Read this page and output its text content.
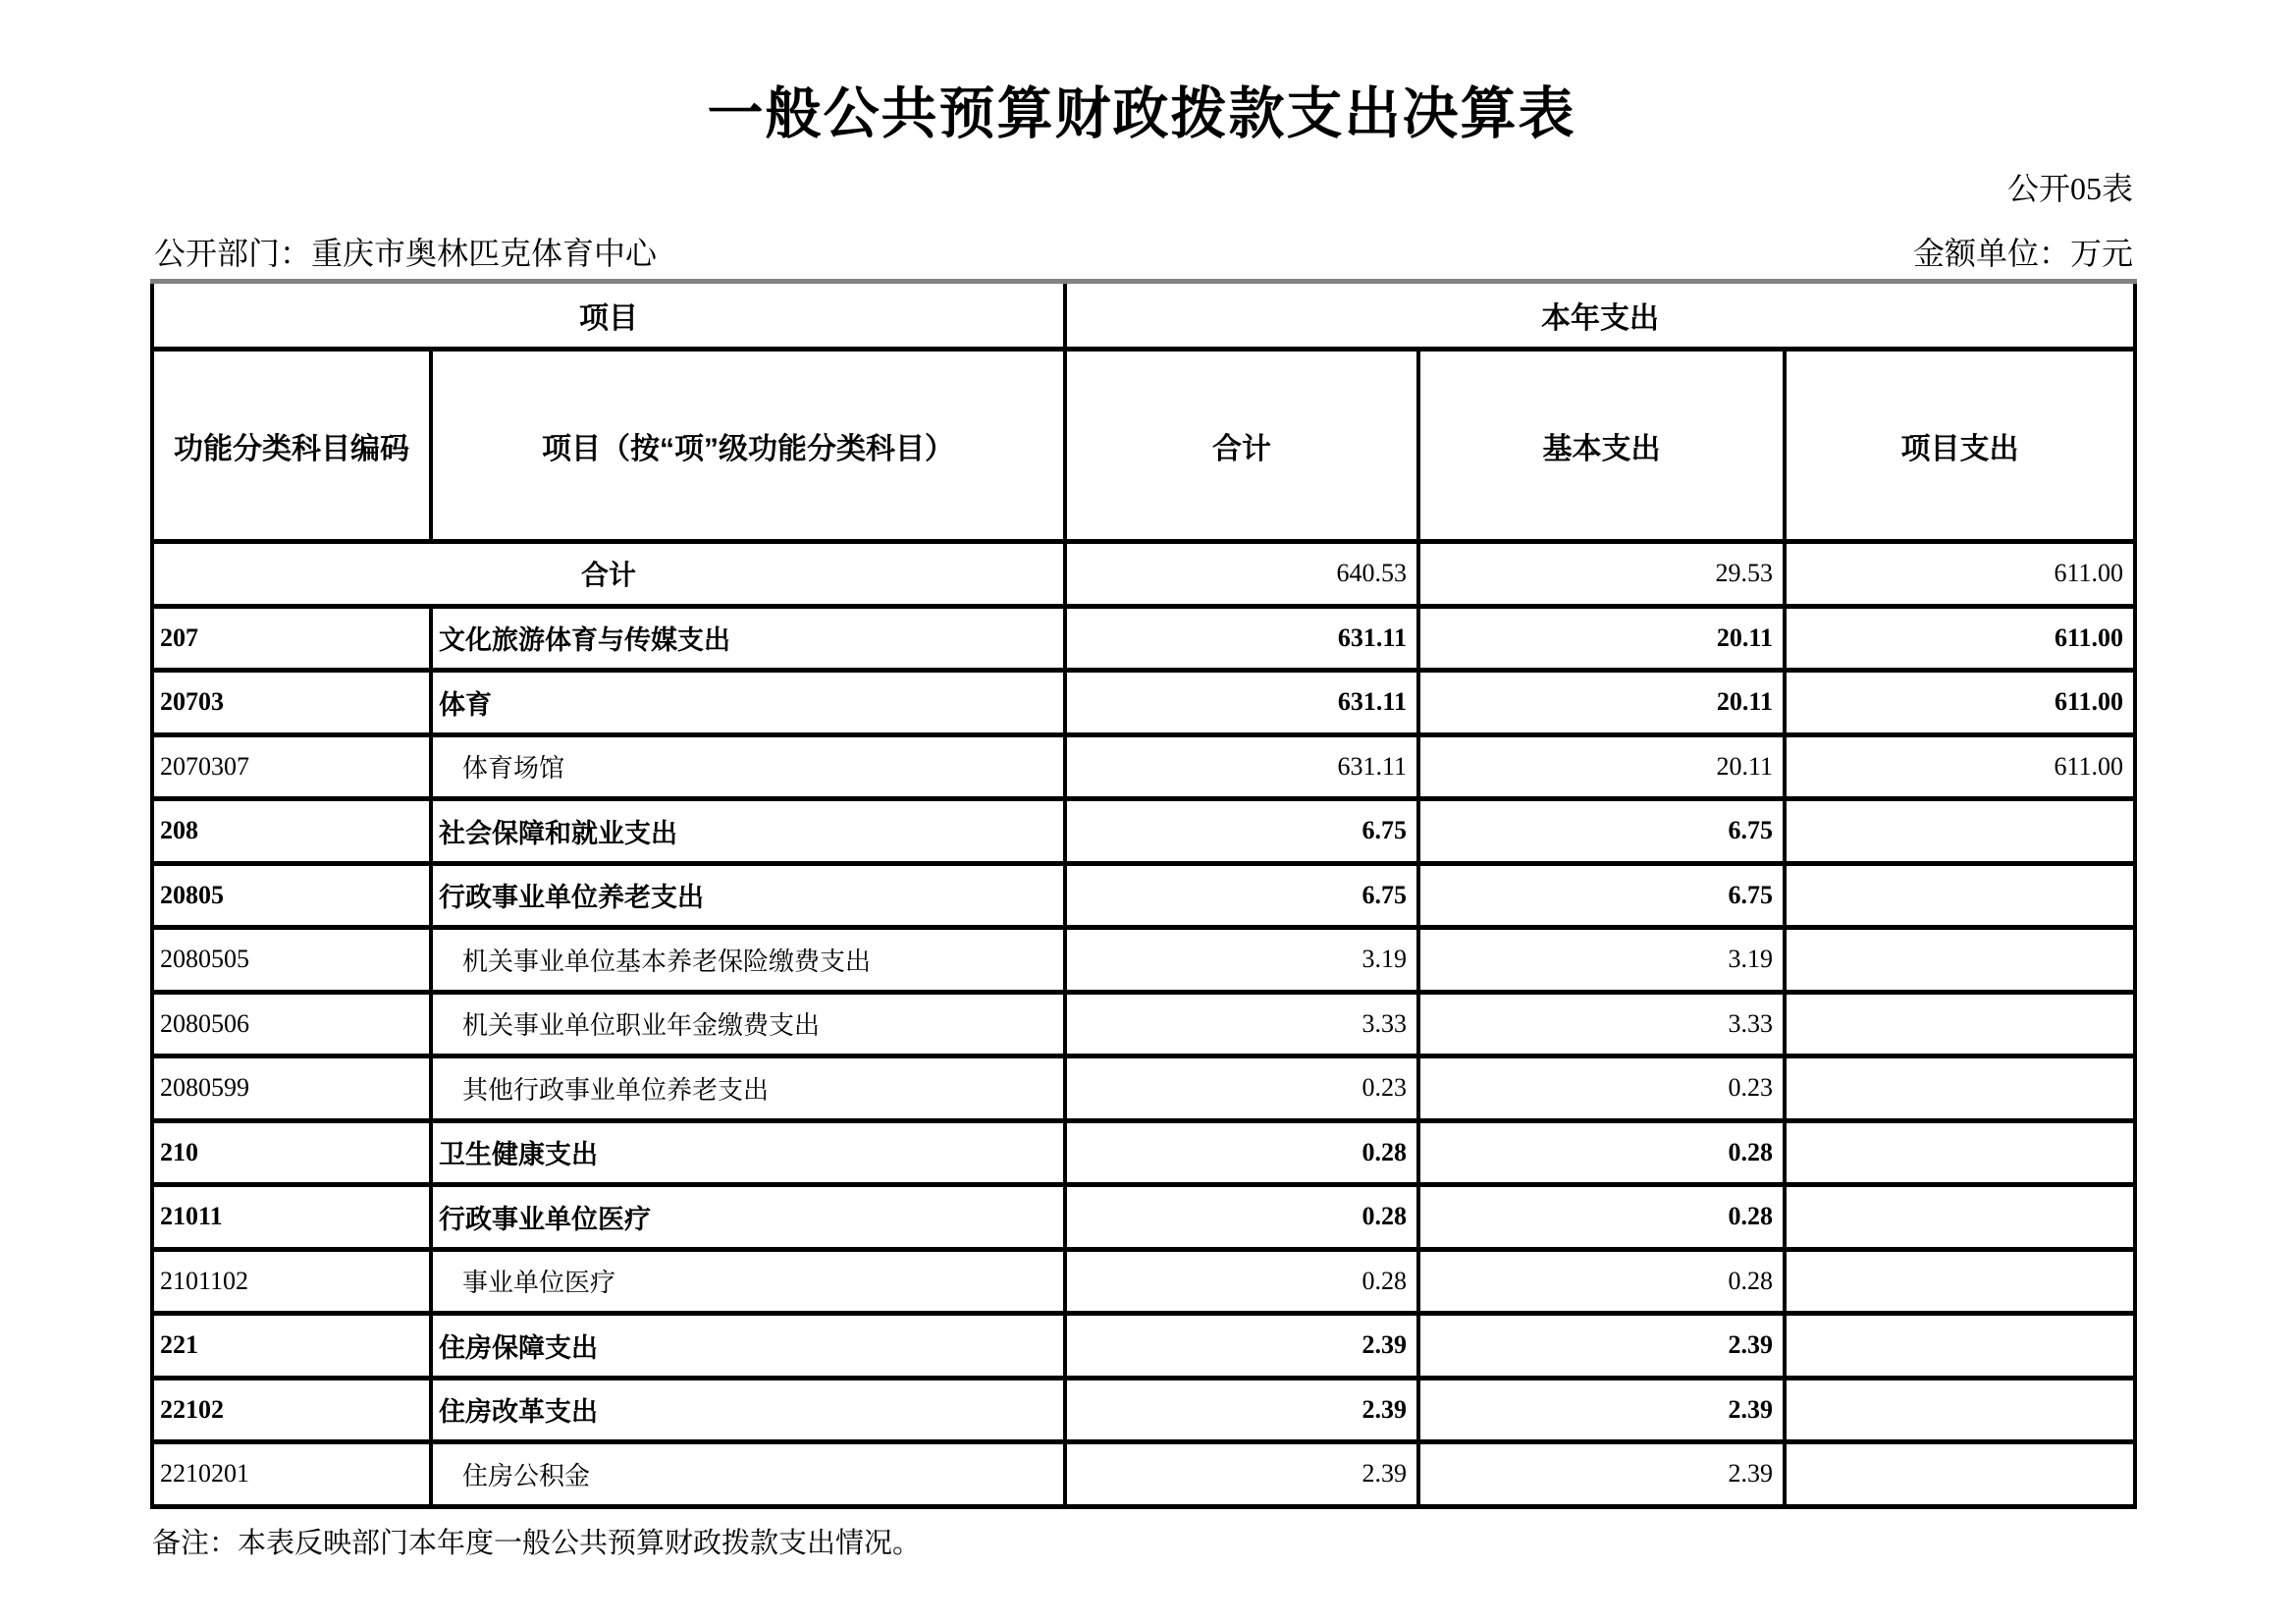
一般公共预算财政拨款支出决算表
公开05表
公开部门：重庆市奥林匹克体育中心	金额单位：万元
项目		本年支出		
功能分类科目编码	项目（按“项”级功能分类科目）	合计	基本支出	项目支出
合计		640.53	29.53	611.00
207	文化旅游体育与传媒支出	631.11	20.11	611.00
20703	体育	631.11	20.11	611.00
2070307	体育场馆	631.11	20.11	611.00
208	社会保障和就业支出	6.75	6.75	
20805	行政事业单位养老支出	6.75	6.75	
2080505	机关事业单位基本养老保险缴费支出	3.19	3.19	
2080506	机关事业单位职业年金缴费支出	3.33	3.33	
2080599	其他行政事业单位养老支出	0.23	0.23	
210	卫生健康支出	0.28	0.28	
21011	行政事业单位医疗	0.28	0.28	
2101102	事业单位医疗	0.28	0.28	
221	住房保障支出	2.39	2.39	
22102	住房改革支出	2.39	2.39	
2210201	住房公积金	2.39	2.39	
备注：本表反映部门本年度一般公共预算财政拨款支出情况。
